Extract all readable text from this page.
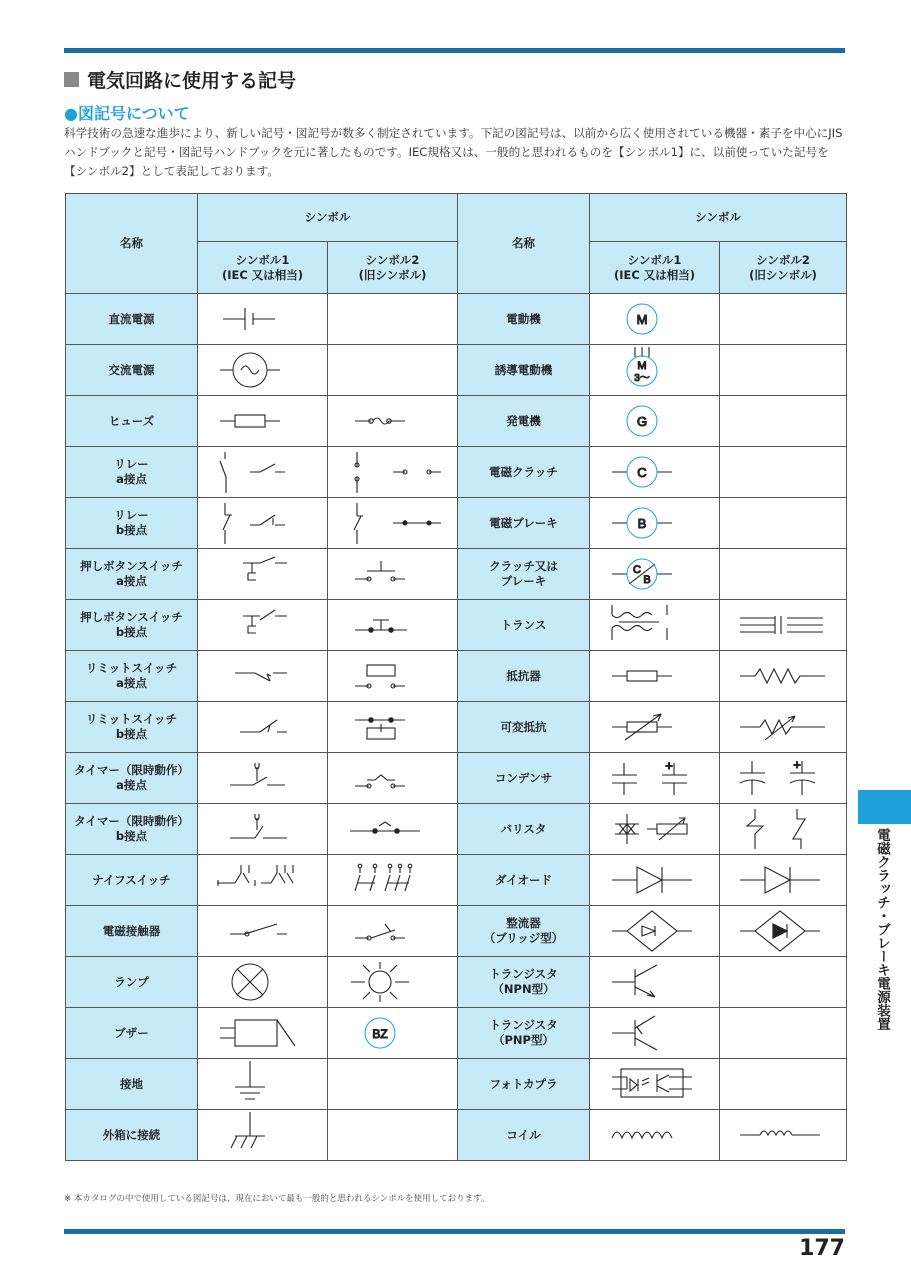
電気回路に使用する記号
●図記号について
科学技術の急速な進歩により、新しい記号・図記号が数多く制定されています。下記の図記号は、以前から広く使用されている機器・素子を中心にJISハンドブックと記号・図記号ハンドブックを元に著したものです。IEC規格又は、一般的と思われるものを【シンボル1】に、以前使っていた記号を【シンボル2】として表記しております。
名称	シンボル		名称	シンボル	
	シンボル1
(IEC 又は相当)	シンボル2
(旧シンボル)		シンボル1
(IEC 又は相当)	シンボル2
(旧シンボル)
直流電源			電動機	M	

交流電源			誘導電動機	M
3〜	

ヒューズ			発電機	G	

リレー
a接点			電磁クラッチ	C	

リレー
b接点			電磁ブレーキ	B	

押しボタンスイッチ
a接点			クラッチ又は
ブレーキ	C
B	

押しボタンスイッチ
b接点			トランス	

リミットスイッチ
a接点			抵抗器	

リミットスイッチ
b接点			可変抵抗	

タイマー（限時動作）
a接点			コンデンサ	+	+

タイマー（限時動作）
b接点			バリスタ	

ナイフスイッチ			ダイオード	

電磁接触器			整流器
（ブリッジ型）	

ランプ			トランジスタ
（NPN型）	

ブザー		BZ	トランジスタ
（PNP型）	

接地			フォトカプラ	

外箱に接続			コイル	

電磁クラッチ・ブレーキ電源装置
※ 本カタログの中で使用している図記号は、現在において最も一般的と思われるシンボルを使用しております。
177
